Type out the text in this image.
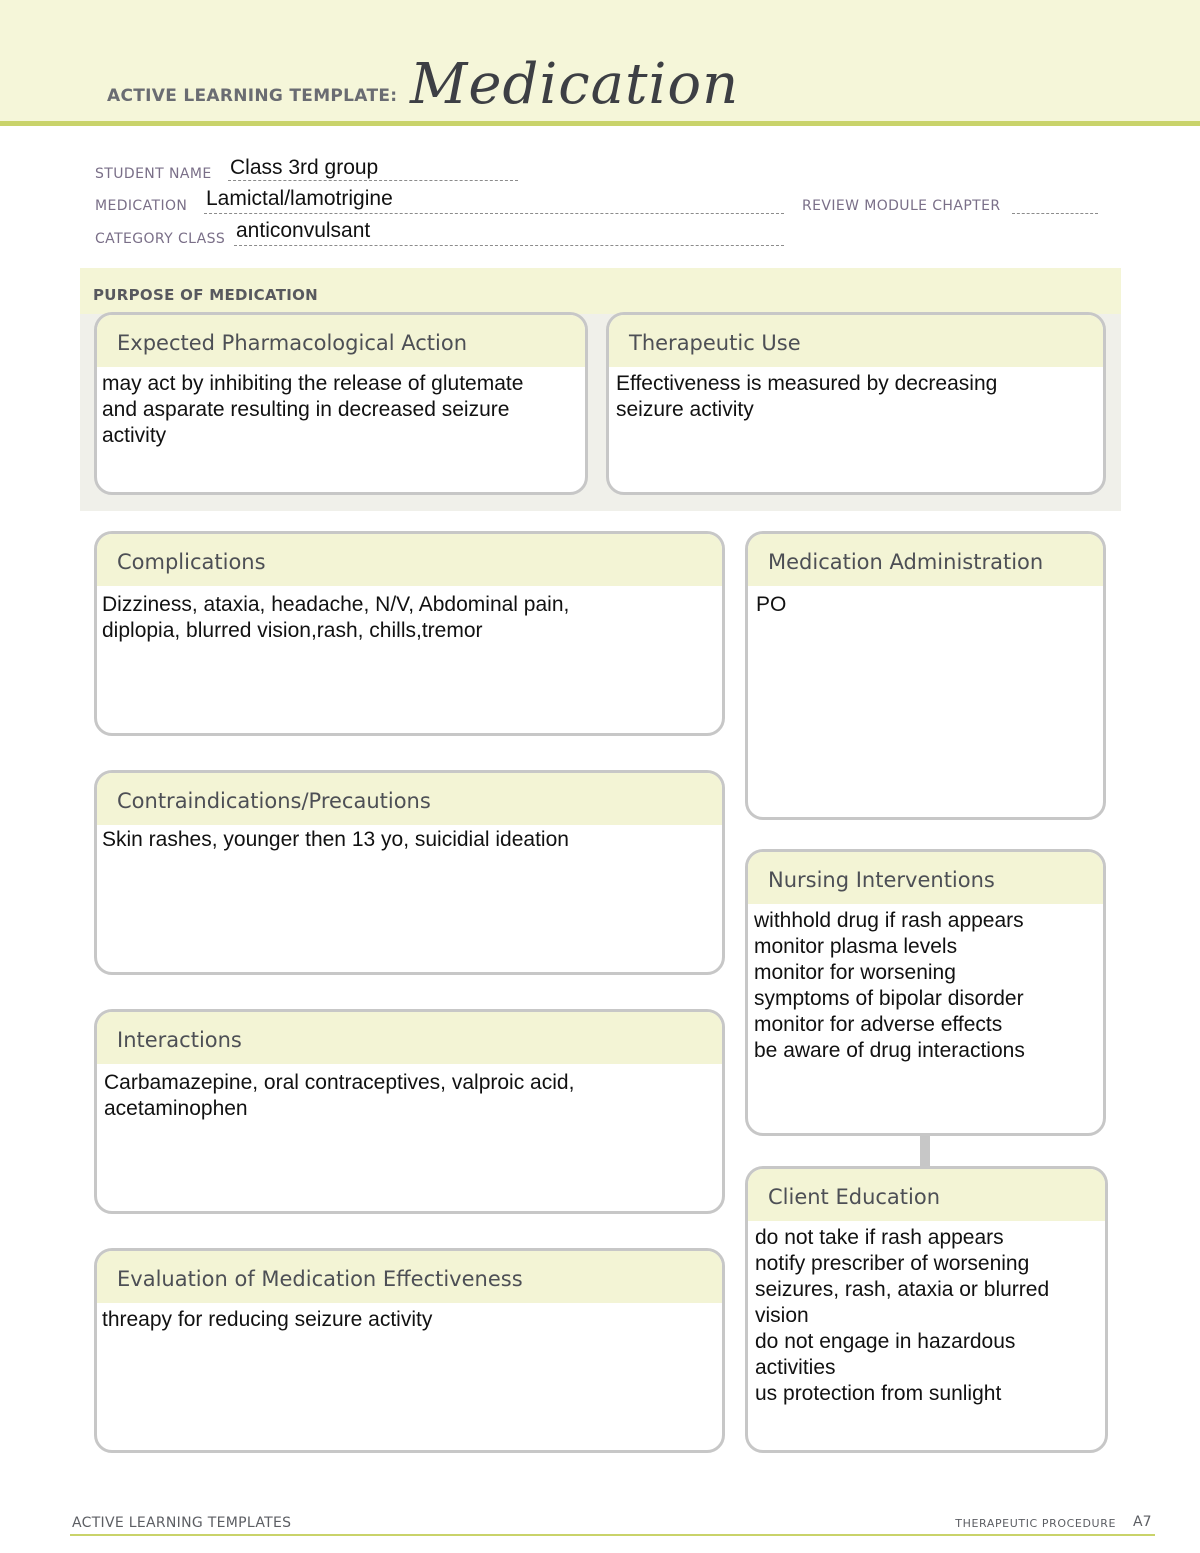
ACTIVE LEARNING TEMPLATE: Medication
STUDENT NAME Class 3rd group
MEDICATION Lamictal/lamotrigine	REVIEW MODULE CHAPTER
CATEGORY CLASS anticonvulsant
PURPOSE OF MEDICATION
Expected Pharmacological Action
may act by inhibiting the release of glutemate
and asparate resulting in decreased seizure
activity
Therapeutic Use
Effectiveness is measured by decreasing
seizure activity
Complications
Dizziness, ataxia, headache, N/V, Abdominal pain,
diplopia, blurred vision,rash, chills,tremor
Contraindications/Precautions
Skin rashes, younger then 13 yo, suicidial ideation
Interactions
Carbamazepine, oral contraceptives, valproic acid,
acetaminophen
Evaluation of Medication Effectiveness
threapy for reducing seizure activity
Medication Administration
PO
Nursing Interventions
withhold drug if rash appears
monitor plasma levels
monitor for worsening
symptoms of bipolar disorder
monitor for adverse effects
be aware of drug interactions
Client Education
do not take if rash appears
notify prescriber of worsening
seizures, rash, ataxia or blurred
vision
do not engage in hazardous
activities
us protection from sunlight
ACTIVE LEARNING TEMPLATES	THERAPEUTIC PROCEDURE A7
